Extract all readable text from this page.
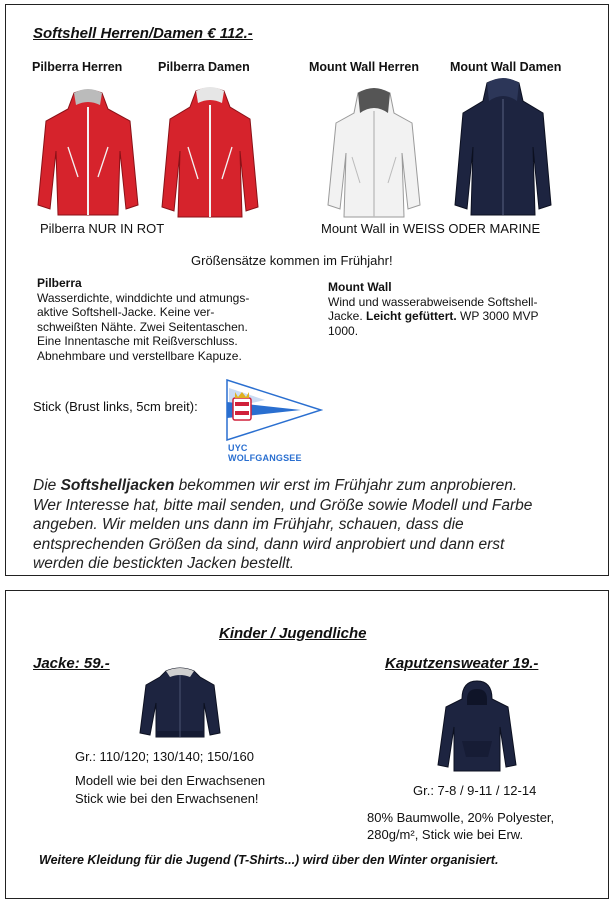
Softshell Herren/Damen € 112.-
Pilberra Herren	Pilberra Damen	Mount Wall Herren Mount Wall Damen
Pilberra NUR IN ROT	Mount Wall in WEISS ODER MARINE
Größensätze kommen im Frühjahr!
Pilberra
Wasserdichte, winddichte und atmungs-
aktive Softshell-Jacke. Keine ver-
schweißten Nähte. Zwei Seitentaschen.
Eine Innentasche mit Reißverschluss.
Abnehmbare und verstellbare Kapuze.
Mount Wall
Wind und wasserabweisende Softshell-
Jacke. Leicht gefüttert. WP 3000 MVP
1000.
Stick (Brust links, 5cm breit):
UYC WOLFGANGSEE
Die Softshelljacken bekommen wir erst im Frühjahr zum anprobieren.
Wer Interesse hat, bitte mail senden, und Größe sowie Modell und Farbe
angeben. Wir melden uns dann im Frühjahr, schauen, dass die
entsprechenden Größen da sind, dann wird anprobiert und dann erst
werden die bestickten Jacken bestellt.
Kinder / Jugendliche
Jacke: 59.-	Kaputzensweater 19.-
Gr.: 110/120; 130/140; 150/160
Modell wie bei den Erwachsenen
Stick wie bei den Erwachsenen!
Gr.: 7-8 / 9-11 / 12-14
80% Baumwolle, 20% Polyester,
280g/m², Stick wie bei Erw.
Weitere Kleidung für die Jugend (T-Shirts...) wird über den Winter organisiert.
